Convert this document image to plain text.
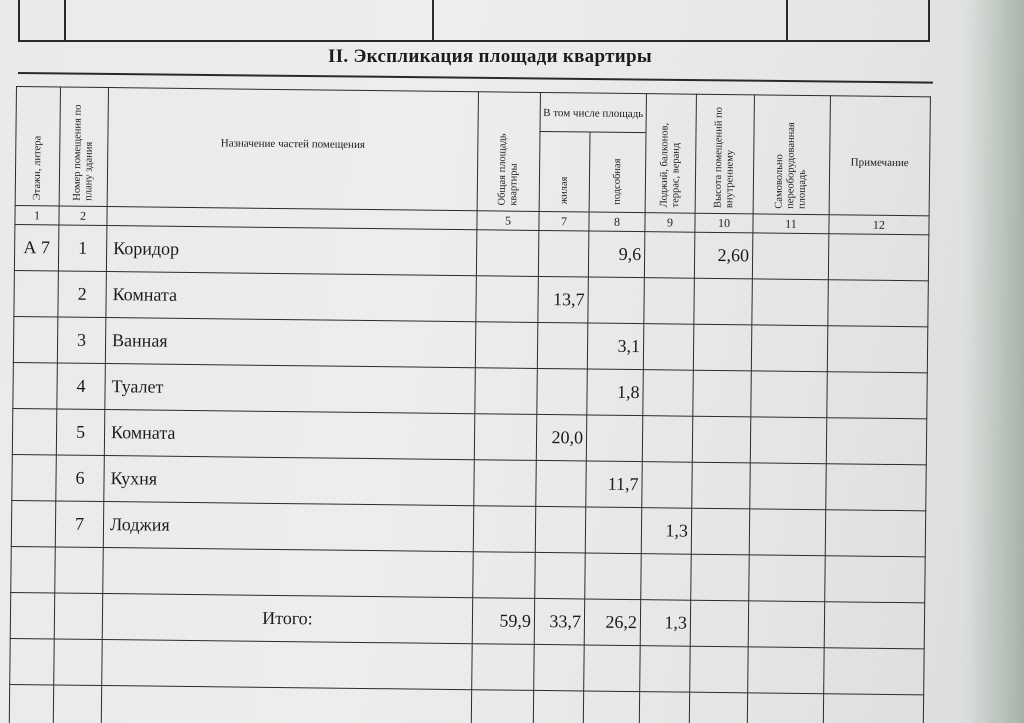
II. Экспликация площади квартиры
Этажи, литера	Номер помещения по плану здания	Назначение частей помещения	Общая площадь квартиры	В том числе площадь		Лоджий, балконов, террас, веранд	Высота помещений по внутреннему	Самовольно переоборудованная площадь	Примечание
				жилая	подсобная				
1	2		5	7	8	9	10	11	12
А 7	1	Коридор			9,6		2,60		
	2	Комната		13,7					
	3	Ванная			3,1				
	4	Туалет			1,8				
	5	Комната		20,0					
	6	Кухня			11,7				
	7	Лоджия				1,3			

		Итого:	59,9	33,7	26,2	1,3			
